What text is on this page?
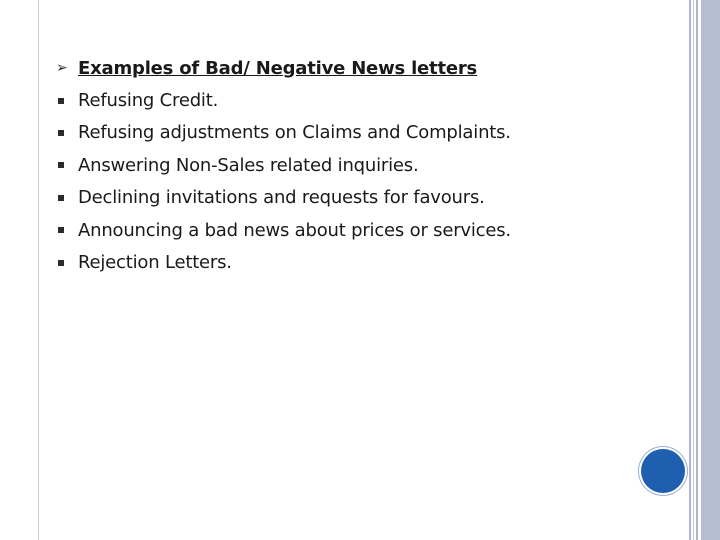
➢ Examples of Bad/ Negative News letters
Refusing Credit.
Refusing adjustments on Claims and Complaints.
Answering Non-Sales related inquiries.
Declining invitations and requests for favours.
Announcing a bad news about prices or services.
Rejection Letters.
